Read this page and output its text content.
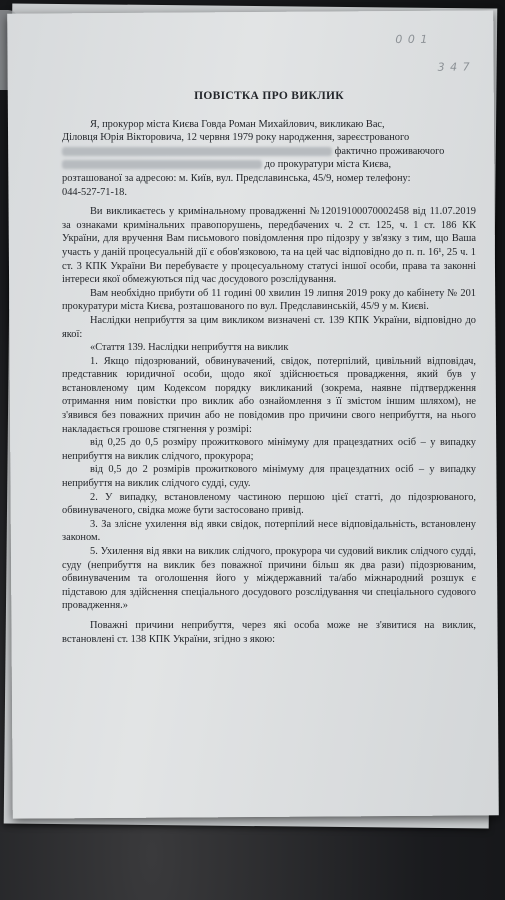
0 0 1
3 4 7
ПОВІСТКА ПРО ВИКЛИК
Я, прокурор міста Києва Говда Роман Михайлович, викликаю Вас,
Діловця Юрія Вікторовича, 12 червня 1979 року народження, зареєстрованого
фактично проживаючого
до прокуратури міста Києва,
розташованої за адресою: м. Київ, вул. Предславинська, 45/9, номер телефону:
044-527-71-18.
Ви викликаєтесь у кримінальному провадженні №12019100070002458 від 11.07.2019 за ознаками кримінальних правопорушень, передбачених ч. 2 ст. 125, ч. 1 ст. 186 КК України, для вручення Вам письмового повідомлення про підозру у зв'язку з тим, що Ваша участь у даній процесуальній дії є обов'язковою, та на цей час відповідно до п. п. 16¹, 25 ч. 1 ст. 3 КПК України Ви перебуваєте у процесуальному статусі іншої особи, права та законні інтереси якої обмежуються під час досудового розслідування.
Вам необхідно прибути об 11 годині 00 хвилин 19 липня 2019 року до кабінету № 201 прокуратури міста Києва, розташованого по вул. Предславинській, 45/9 у м. Києві.
Наслідки неприбуття за цим викликом визначені ст. 139 КПК України, відповідно до якої:
«Стаття 139. Наслідки неприбуття на виклик
1. Якщо підозрюваний, обвинувачений, свідок, потерпілий, цивільний відповідач, представник юридичної особи, щодо якої здійснюється провадження, який був у встановленому цим Кодексом порядку викликаний (зокрема, наявне підтвердження отримання ним повістки про виклик або ознайомлення з її змістом іншим шляхом), не з'явився без поважних причин або не повідомив про причини свого неприбуття, на нього накладається грошове стягнення у розмірі:
від 0,25 до 0,5 розміру прожиткового мінімуму для працездатних осіб – у випадку неприбуття на виклик слідчого, прокурора;
від 0,5 до 2 розмірів прожиткового мінімуму для працездатних осіб – у випадку неприбуття на виклик слідчого судді, суду.
2. У випадку, встановленому частиною першою цієї статті, до підозрюваного, обвинуваченого, свідка може бути застосовано привід.
3. За злісне ухилення від явки свідок, потерпілий несе відповідальність, встановлену законом.
5. Ухилення від явки на виклик слідчого, прокурора чи судовий виклик слідчого судді, суду (неприбуття на виклик без поважної причини більш як два рази) підозрюваним, обвинуваченим та оголошення його у міждержавний та/або міжнародний розшук є підставою для здійснення спеціального досудового розслідування чи спеціального судового провадження.»
Поважні причини неприбуття, через які особа може не з'явитися на виклик, встановлені ст. 138 КПК України, згідно з якою:
